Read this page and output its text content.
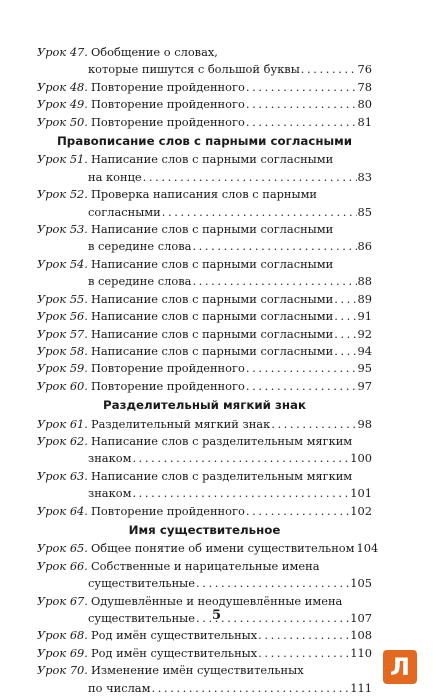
Урок 47. Обобщение о словах,
которые пишутся с большой буквы . . .	76
Урок 48. Повторение пройденного . . .	78
Урок 49. Повторение пройденного . . .	80
Урок 50. Повторение пройденного . . .	81
Правописание слов с парными согласными
Урок 51. Написание слов с парными согласными
на конце . . .	83
Урок 52. Проверка написания слов с парными
согласными . . .	85
Урок 53. Написание слов с парными согласными
в середине слова . . .	86
Урок 54. Написание слов с парными согласными
в середине слова . . .	88
Урок 55. Написание слов с парными согласными . . . 89
Урок 56. Написание слов с парными согласными . . . 91
Урок 57. Написание слов с парными согласными . . . 92
Урок 58. Написание слов с парными согласными . . . 94
Урок 59. Повторение пройденного . . .	95
Урок 60. Повторение пройденного . . .	97
Разделительный мягкий знак
Урок 61. Разделительный мягкий знак . . .	98
Урок 62. Написание слов с разделительным мягким
знаком . . .	100
Урок 63. Написание слов с разделительным мягким
знаком . . .	101
Урок 64. Повторение пройденного . . .	102
Имя существительное
Урок 65. Общее понятие об имени существительном 104
Урок 66. Собственные и нарицательные имена
существительные . . .	105
Урок 67. Одушевлённые и неодушевлённые имена
существительные . . .	107
Урок 68. Род имён существительных . . .	108
Урок 69. Род имён существительных . . .	110
Урок 70. Изменение имён существительных
по числам . . .	111
5
Л
